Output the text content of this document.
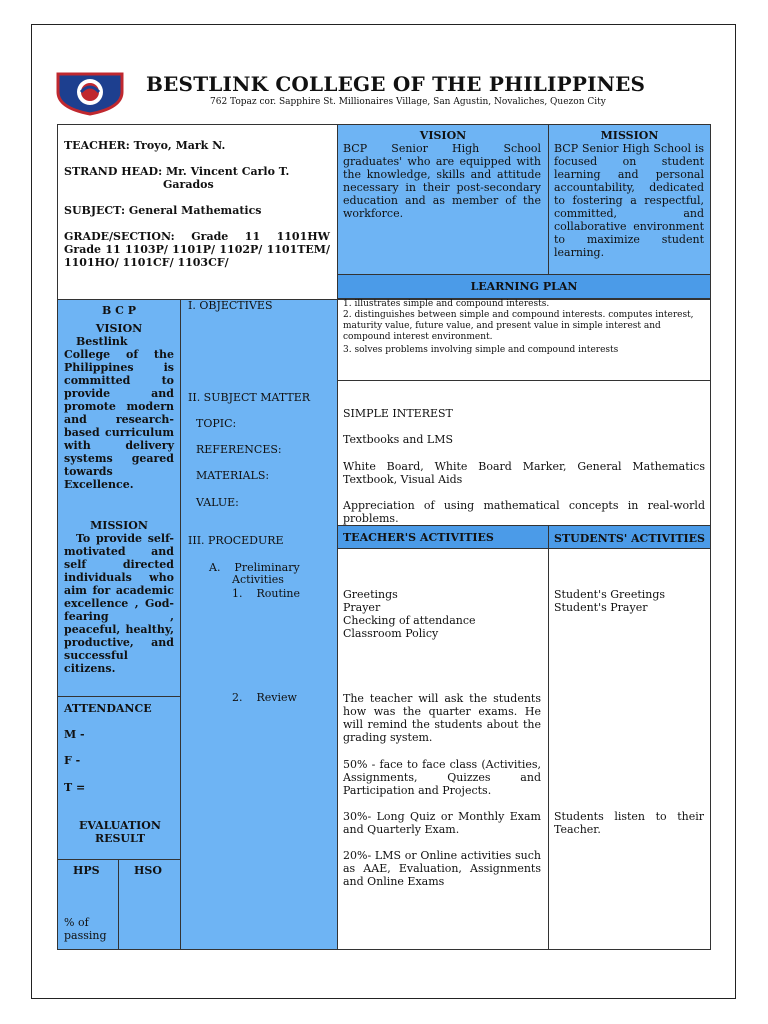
BESTLINK COLLEGE OF THE PHILIPPINES
762 Topaz cor. Sapphire St. Millionaires Village, San Agustin, Novaliches, Quezon City
TEACHER: Troyo, Mark N.
STRAND HEAD: Mr. Vincent Carlo T.
Garados
SUBJECT: General Mathematics
GRADE/SECTION: Grade 11 1101HW Grade 11 1103P/ 1101P/ 1102P/ 1101TEM/ 1101HO/ 1101CF/ 1103CF/
VISION
BCP Senior High School graduates' who are equipped with the knowledge, skills and attitude necessary in their post-secondary education and as member of the workforce.
MISSION
BCP Senior High School is focused on student learning and personal accountability, dedicated to fostering a respectful, committed, and collaborative environment to maximize student learning.
LEARNING PLAN
B C P
VISION
Bestlink College of the Philippines is committed to provide and promote modern and research-based curriculum with delivery systems geared towards Excellence.
MISSION
To provide self-motivated and self directed individuals who aim for academic excellence , God-fearing , peaceful, healthy, productive, and successful citizens.
ATTENDANCE
M -
F -
T =
EVALUATION RESULT
HPS	HSO
% of passing
I. OBJECTIVES
II. SUBJECT MATTER
TOPIC:
REFERENCES:
MATERIALS:
VALUE:
III. PROCEDURE
A.    Preliminary
Activities
1.    Routine
2.    Review
1. illustrates simple and compound interests.
2. distinguishes between simple and compound interests. computes interest, maturity value, future value, and present value in simple interest and compound interest environment.
3. solves problems involving simple and compound interests
SIMPLE INTEREST
Textbooks and LMS
White Board, White Board Marker, General Mathematics Textbook, Visual Aids
Appreciation of using mathematical concepts in real-world problems.
TEACHER'S ACTIVITIES	STUDENTS' ACTIVITIES
Greetings
Prayer
Checking of attendance
Classroom Policy
Student's Greetings
Student's Prayer
The teacher will ask the students how was the quarter exams. He will remind the students about the grading system.
50% - face to face class (Activities, Assignments, Quizzes and Participation and Projects.
30%- Long Quiz or Monthly Exam and Quarterly Exam.
20%- LMS or Online activities such as AAE, Evaluation, Assignments and Online Exams
Students listen to their Teacher.
